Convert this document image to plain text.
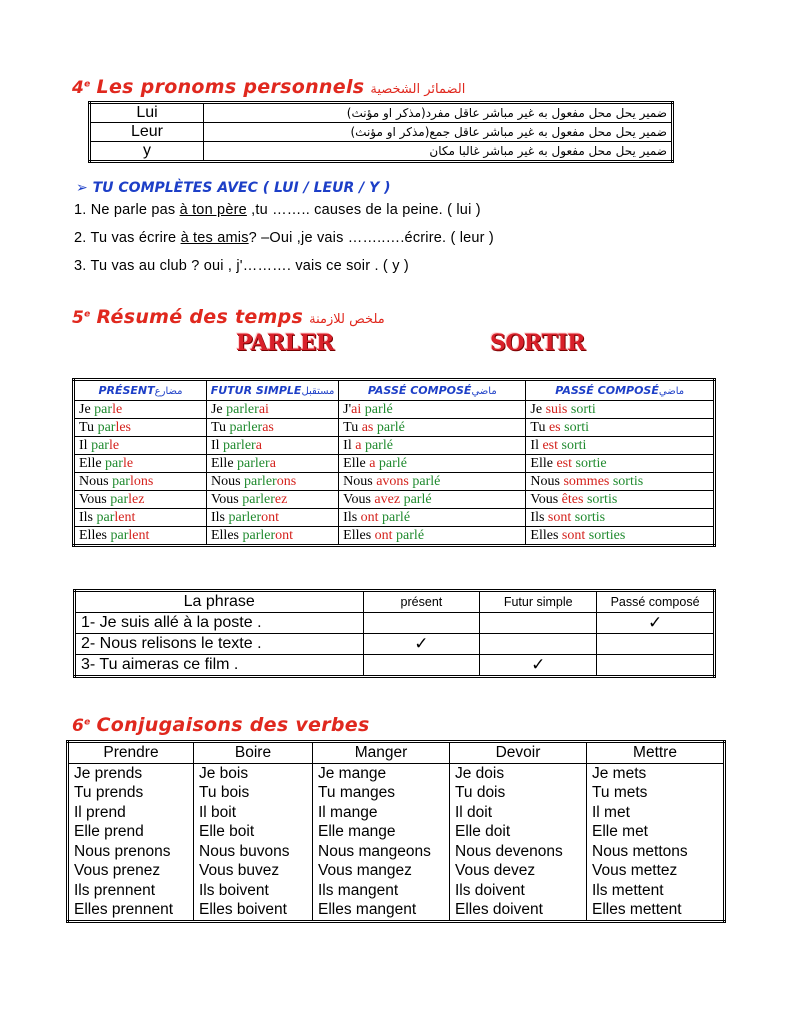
4e Les pronoms personnels الضمائر الشخصية
Lui	ضمير يحل محل مفعول به غير مباشر عاقل مفرد(مذكر او مؤنث)
Leur	ضمير يحل محل مفعول به غير مباشر عاقل جمع(مذكر او مؤنث)
y	ضمير يحل محل مفعول به غير مباشر غالبا مكان
➢ TU COMPLÈTES AVEC ( LUI / LEUR / Y )
1. Ne parle pas à ton père ,tu …….. causes de la peine. ( lui )
2. Tu vas écrire à tes amis? –Oui ,je vais ……..….écrire. ( leur )
3. Tu vas au club ? oui , j'………. vais ce soir . ( y )
5e Résumé des temps ملخص للازمنة
PARLER	SORTIR
PRÉSENTمضارع	FUTUR SIMPLEمستقبل	PASSÉ COMPOSÉماضي	PASSÉ COMPOSÉماضي
Je parle	Je parlerai	J'ai parlé	Je suis sorti
Tu parles	Tu parleras	Tu as parlé	Tu es sorti
Il parle	Il parlera	Il a parlé	Il est sorti
Elle parle	Elle parlera	Elle a parlé	Elle est sortie
Nous parlons	Nous parlerons	Nous avons parlé	Nous sommes sortis
Vous parlez	Vous parlerez	Vous avez parlé	Vous êtes sortis
Ils parlent	Ils parleront	Ils ont parlé	Ils sont sortis
Elles parlent	Elles parleront	Elles ont parlé	Elles sont sorties
La phrase	présent	Futur simple	Passé composé
1- Je suis allé à la poste .			✓
2- Nous relisons le texte .	✓		
3- Tu aimeras ce film .		✓	
6e Conjugaisons des verbes
Prendre	Boire	Manger	Devoir	Mettre
Je prends	Je bois	Je mange	Je dois	Je mets
Tu prends	Tu bois	Tu manges	Tu dois	Tu mets
Il prend	Il boit	Il mange	Il doit	Il met
Elle prend	Elle boit	Elle mange	Elle doit	Elle met
Nous prenons	Nous buvons	Nous mangeons	Nous devenons	Nous mettons
Vous prenez	Vous buvez	Vous mangez	Vous devez	Vous mettez
Ils prennent	Ils boivent	Ils mangent	Ils doivent	Ils mettent
Elles prennent	Elles boivent	Elles mangent	Elles doivent	Elles mettent
